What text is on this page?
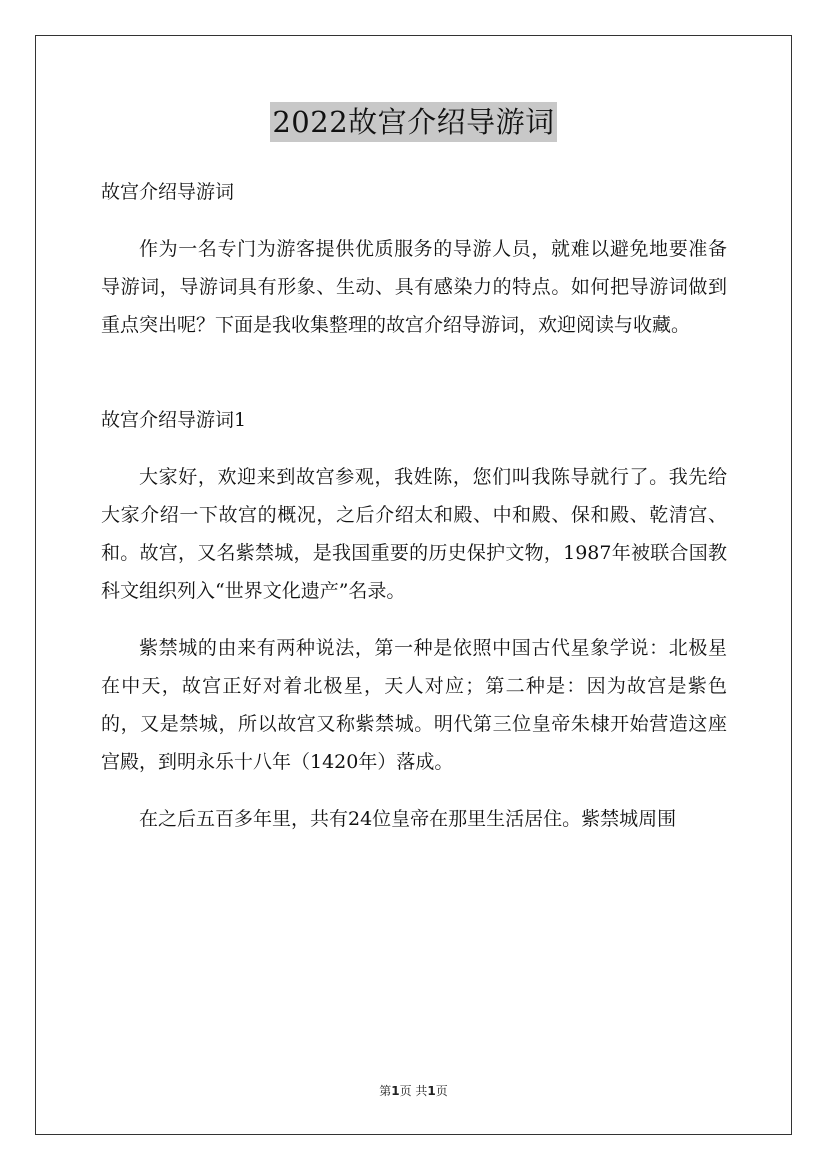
2022故宫介绍导游词

故宫介绍导游词

作为一名专门为游客提供优质服务的导游人员，就难以避免地要准备导游词，导游词具有形象、生动、具有感染力的特点。如何把导游词做到重点突出呢？下面是我收集整理的故宫介绍导游词，欢迎阅读与收藏。

故宫介绍导游词1

大家好，欢迎来到故宫参观，我姓陈，您们叫我陈导就行了。我先给大家介绍一下故宫的概况，之后介绍太和殿、中和殿、保和殿、乾清宫、和。故宫，又名紫禁城，是我国重要的历史保护文物，1987年被联合国教科文组织列入“世界文化遗产”名录。

紫禁城的由来有两种说法，第一种是依照中国古代星象学说：北极星在中天，故宫正好对着北极星，天人对应；第二种是：因为故宫是紫色的，又是禁城，所以故宫又称紫禁城。明代第三位皇帝朱棣开始营造这座宫殿，到明永乐十八年（1420年）落成。

在之后五百多年里，共有24位皇帝在那里生活居住。紫禁城周围

第1页 共1页
